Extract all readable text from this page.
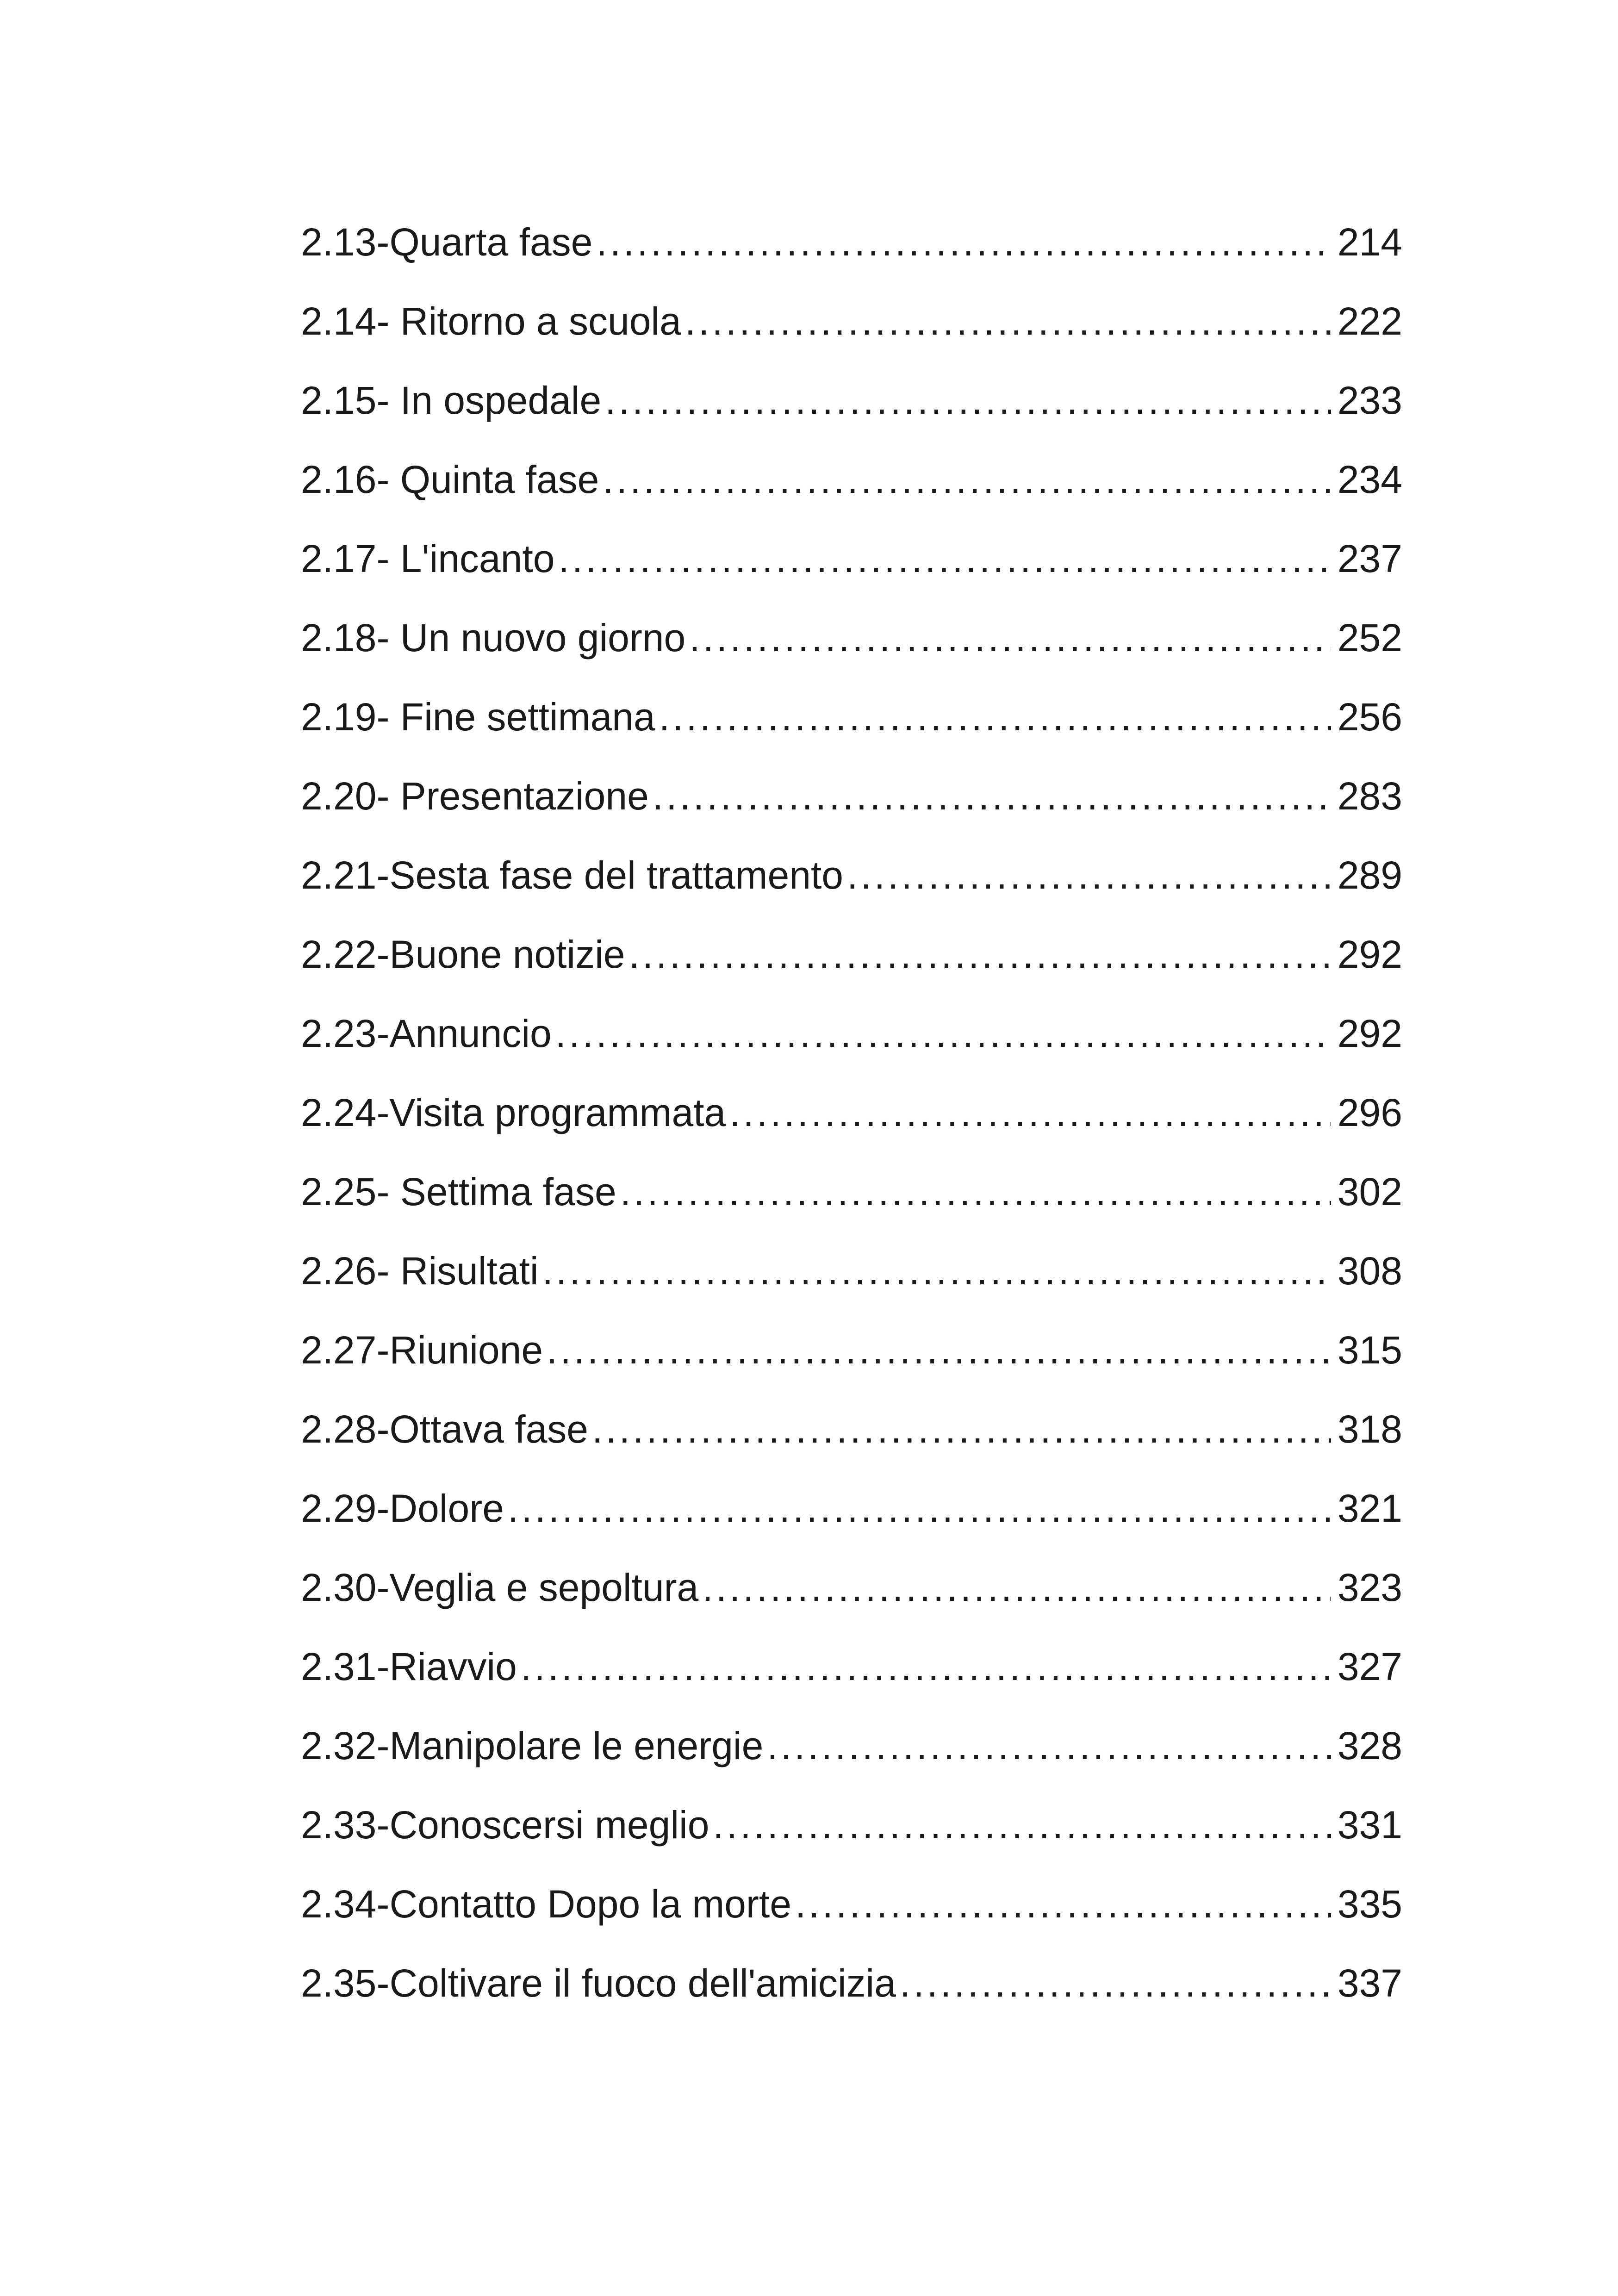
2.13-Quarta fase .....	214
2.14- Ritorno a scuola .....	222
2.15- In ospedale .....	233
2.16- Quinta fase .....	234
2.17- L'incanto .....	237
2.18- Un nuovo giorno .....	252
2.19- Fine settimana .....	256
2.20- Presentazione .....	283
2.21-Sesta fase del trattamento .....	289
2.22-Buone notizie .....	292
2.23-Annuncio .....	292
2.24-Visita programmata .....	296
2.25- Settima fase .....	302
2.26- Risultati .....	308
2.27-Riunione .....	315
2.28-Ottava fase .....	318
2.29-Dolore .....	321
2.30-Veglia e sepoltura .....	323
2.31-Riavvio .....	327
2.32-Manipolare le energie .....	328
2.33-Conoscersi meglio .....	331
2.34-Contatto Dopo la morte .....	335
2.35-Coltivare il fuoco dell'amicizia .....	337
